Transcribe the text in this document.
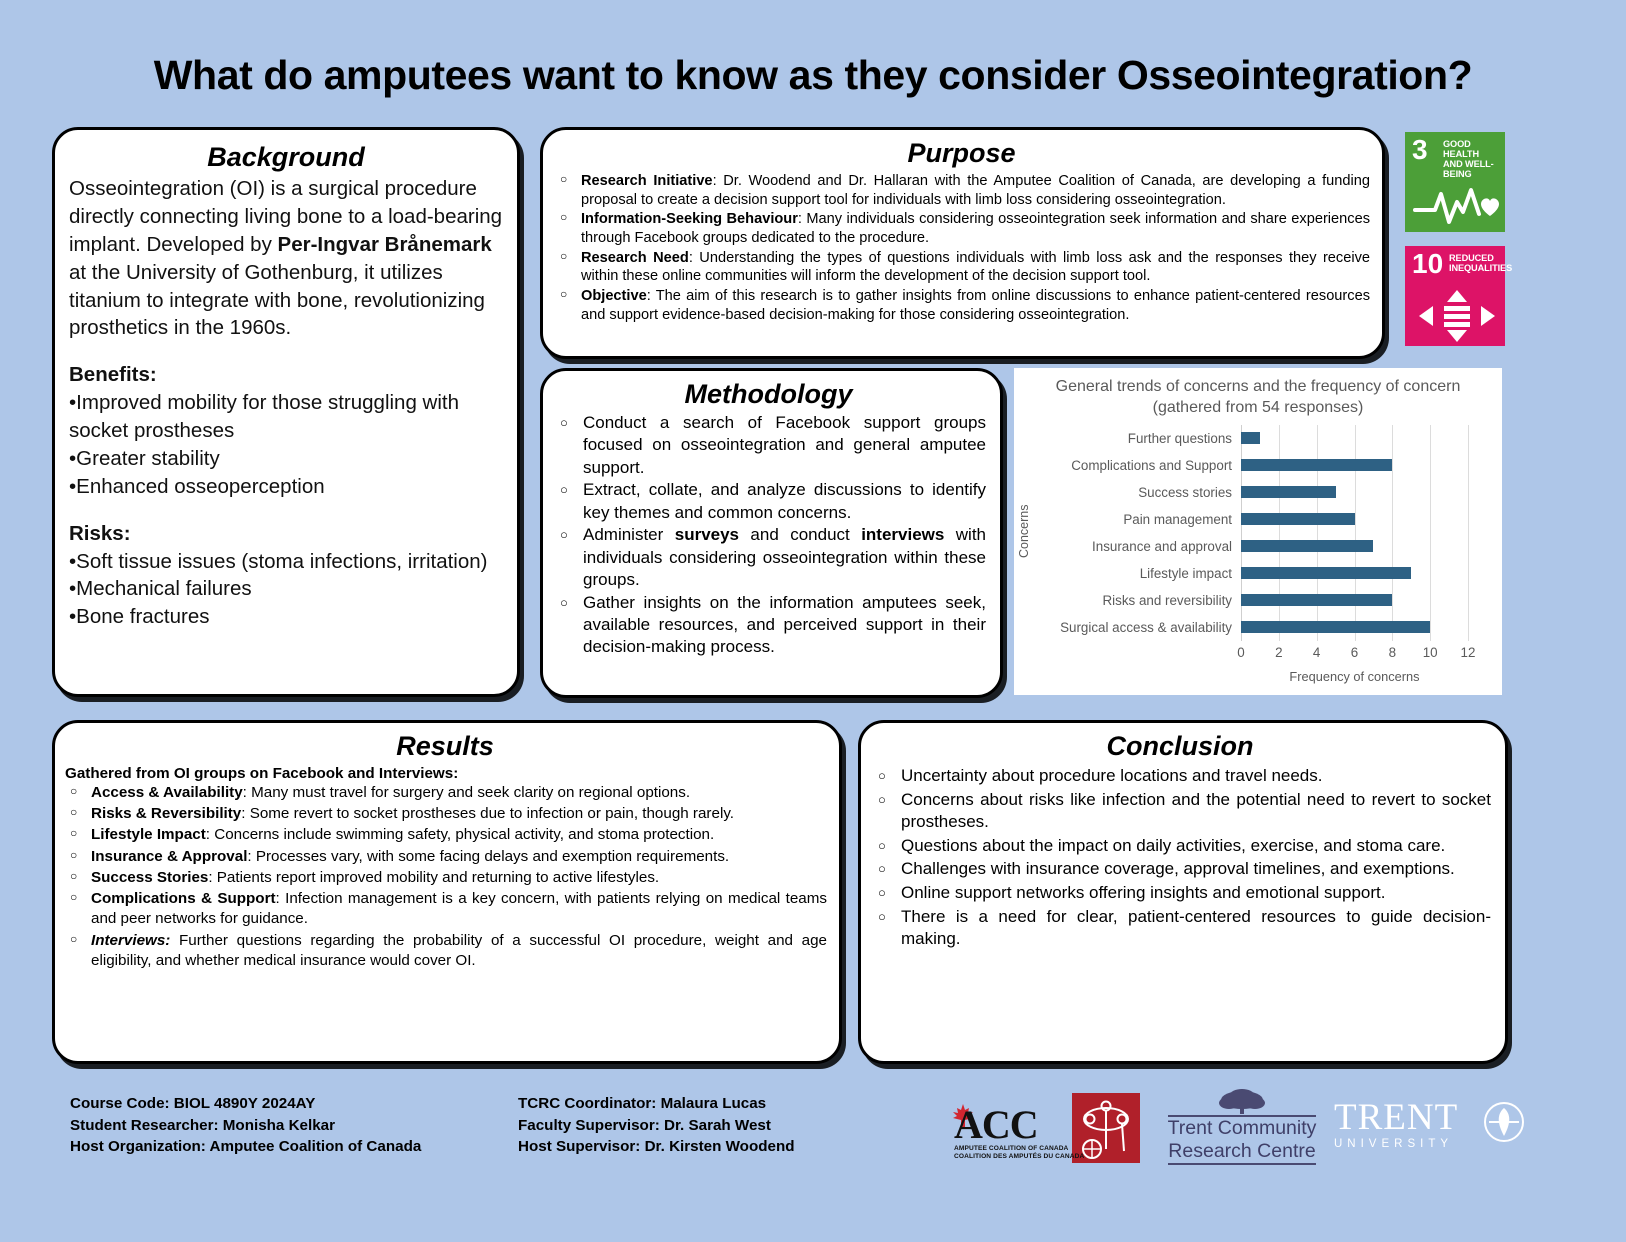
What do amputees want to know as they consider Osseointegration?
Background

Osseointegration (OI) is a surgical procedure directly connecting living bone to a load-bearing implant. Developed by Per-Ingvar Brånemark at the University of Gothenburg, it utilizes titanium to integrate with bone, revolutionizing prosthetics in the 1960s.

Benefits:
•Improved mobility for those struggling with socket prostheses
•Greater stability
•Enhanced osseoperception
Risks:
•Soft tissue issues (stoma infections, irritation)
•Mechanical failures
•Bone fractures
Purpose
○ Research Initiative: Dr. Woodend and Dr. Hallaran with the Amputee Coalition of Canada, are developing a funding proposal to create a decision support tool for individuals with limb loss considering osseointegration.
○ Information-Seeking Behaviour: Many individuals considering osseointegration seek information and share experiences through Facebook groups dedicated to the procedure.
○ Research Need: Understanding the types of questions individuals with limb loss ask and the responses they receive within these online communities will inform the development of the decision support tool.
○ Objective: The aim of this research is to gather insights from online discussions to enhance patient-centered resources and support evidence-based decision-making for those considering osseointegration.
3 GOOD HEALTH
AND WELL-BEING
10 REDUCED
INEQUALITIES
Methodology
○ Conduct a search of Facebook support groups focused on osseointegration and general amputee support.
○ Extract, collate, and analyze discussions to identify key themes and common concerns.
○ Administer surveys and conduct interviews with individuals considering osseointegration within these groups.
○ Gather insights on the information amputees seek, available resources, and perceived support in their decision-making process.
General trends of concerns and the frequency of concern (gathered from 54 responses)
Concerns
Further questions
Complications and Support
Success stories
Pain management
Insurance and approval
Lifestyle impact
Risks and reversibility
Surgical access & availability
0 2 4 6 8 10 12
Frequency of concerns
Results
Gathered from OI groups on Facebook and Interviews:
○ Access & Availability: Many must travel for surgery and seek clarity on regional options.
○ Risks & Reversibility: Some revert to socket prostheses due to infection or pain, though rarely.
○ Lifestyle Impact: Concerns include swimming safety, physical activity, and stoma protection.
○ Insurance & Approval: Processes vary, with some facing delays and exemption requirements.
○ Success Stories: Patients report improved mobility and returning to active lifestyles.
○ Complications & Support: Infection management is a key concern, with patients relying on medical teams and peer networks for guidance.
○ Interviews: Further questions regarding the probability of a successful OI procedure, weight and age eligibility, and whether medical insurance would cover OI.
Conclusion
○ Uncertainty about procedure locations and travel needs.
○ Concerns about risks like infection and the potential need to revert to socket prostheses.
○ Questions about the impact on daily activities, exercise, and stoma care.
○ Challenges with insurance coverage, approval timelines, and exemptions.
○ Online support networks offering insights and emotional support.
○ There is a need for clear, patient-centered resources to guide decision-making.
Course Code: BIOL 4890Y 2024AY
Student Researcher: Monisha Kelkar
Host Organization: Amputee Coalition of Canada
TCRC Coordinator: Malaura Lucas
Faculty Supervisor: Dr. Sarah West
Host Supervisor: Dr. Kirsten Woodend	ACC
AMPUTEE COALITION OF CANADA
COALITION DES AMPUTÉS DU CANADA
Trent Community
Research Centre
TRENT
UNIVERSITY
